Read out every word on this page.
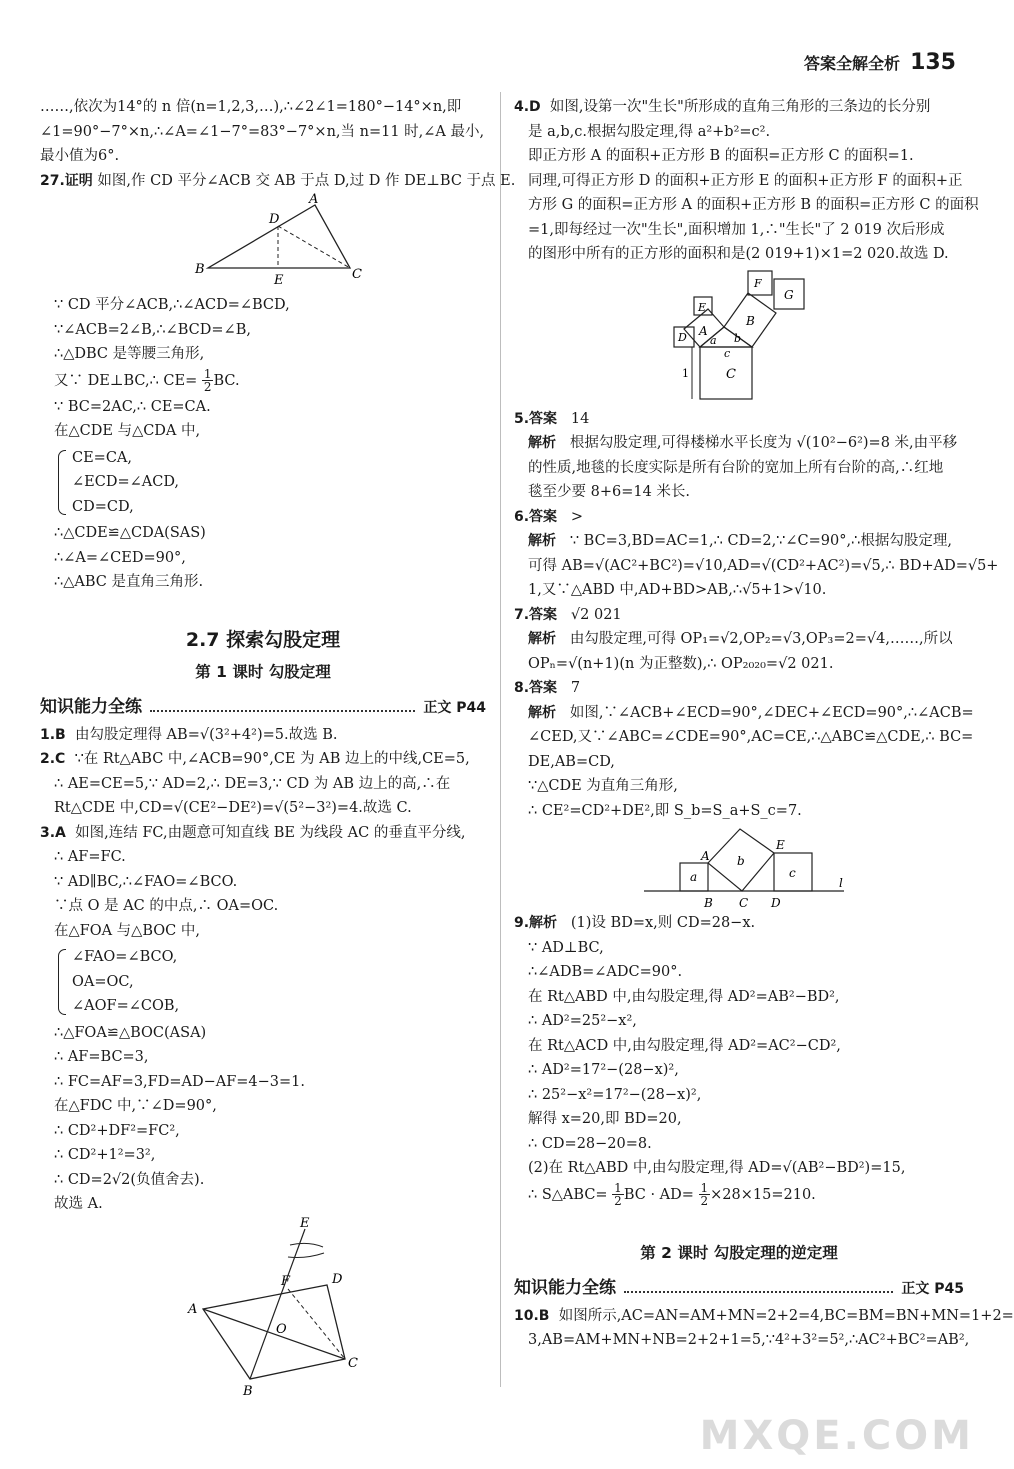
答案全解全析 135
……,依次为14°的 n 倍(n=1,2,3,…),∴∠2∠1=180°−14°×n,即
∠1=90°−7°×n,∴∠A=∠1−7°=83°−7°×n,当 n=11 时,∠A 最小,
最小值为6°.
27.证明 如图,作 CD 平分∠ACB 交 AB 于点 D,过 D 作 DE⊥BC 于点 E.
A
B	C
D
E
∵ CD 平分∠ACB,∴∠ACD=∠BCD,
∵∠ACB=2∠B,∴∠BCD=∠B,
∴△DBC 是等腰三角形,
又∵ DE⊥BC,∴ $CE= \frac{1}{2}$ BC.
∵ BC=2AC,∴ CE=CA.
在△CDE 与△CDA 中,
CE=CA,
∠ECD=∠ACD,
CD=CD,
∴△CDE≌△CDA(SAS)
∴∠A=∠CED=90°,
∴△ABC 是直角三角形.
2.7 探索勾股定理
第 1 课时 勾股定理
知识能力全练	正文 P44
1.B 由勾股定理得 AB=√(3²+4²)=5.故选 B.
2.C ∵在 Rt△ABC 中,∠ACB=90°,CE 为 AB 边上的中线,CE=5,
∴ AE=CE=5,∵ AD=2,∴ DE=3,∵ CD 为 AB 边上的高,∴在
Rt△CDE 中,CD=√(CE²−DE²)=√(5²−3²)=4.故选 C.
3.A 如图,连结 FC,由题意可知直线 BE 为线段 AC 的垂直平分线,
∴ AF=FC.
∵ AD∥BC,∴∠FAO=∠BCO.
∵点 O 是 AC 的中点,∴ OA=OC.
在△FOA 与△BOC 中,
∠FAO=∠BCO,
OA=OC,
∠AOF=∠COB,
∴△FOA≌△BOC(ASA)
∴ AF=BC=3,
∴ FC=AF=3,FD=AD−AF=4−3=1.
在△FDC 中,∵∠D=90°,
∴ CD²+DF²=FC²,
∴ CD²+1²=3²,
∴ CD=2√2(负值舍去).
故选 A.
A
B
C
D
E
F
O
4.D 如图,设第一次"生长"所形成的直角三角形的三条边的长分别
是 a,b,c.根据勾股定理,得 a²+b²=c².
即正方形 A 的面积+正方形 B 的面积=正方形 C 的面积=1.
同理,可得正方形 D 的面积+正方形 E 的面积+正方形 F 的面积+正
方形 G 的面积=正方形 A 的面积+正方形 B 的面积=正方形 C 的面积
=1,即每经过一次"生长",面积增加 1,∴"生长"了 2 019 次后形成
的图形中所有的正方形的面积和是(2 019+1)×1=2 020.故选 D.
C
A
B
D
E
F
G
a b
c
1
5.答案 14
解析 根据勾股定理,可得楼梯水平长度为 √(10²−6²)=8 米,由平移
的性质,地毯的长度实际是所有台阶的宽加上所有台阶的高,∴红地
毯至少要 8+6=14 米长.
6.答案 >
解析 ∵ BC=3,BD=AC=1,∴ CD=2,∵∠C=90°,∴根据勾股定理,
可得 AB=√(AC²+BC²)=√10,AD=√(CD²+AC²)=√5,∴ BD+AD=√5+
1,又∵△ABD 中,AD+BD>AB,∴√5+1>√10.
7.答案 √2 021
解析 由勾股定理,可得 OP₁=√2,OP₂=√3,OP₃=2=√4,……,所以
OPₙ=√(n+1)(n 为正整数),∴ OP₂₀₂₀=√2 021.
8.答案 7
解析 如图,∵∠ACB+∠ECD=90°,∠DEC+∠ECD=90°,∴∠ACB=
∠CED,又∵∠ABC=∠CDE=90°,AC=CE,∴△ABC≌△CDE,∴ BC=
DE,AB=CD,
∵△CDE 为直角三角形,
∴ CE²=CD²+DE²,即 S_b=S_a+S_c=7.
A
B C D
E
a
b
c
l
9.解析 (1)设 BD=x,则 CD=28−x.
∵ AD⊥BC,
∴∠ADB=∠ADC=90°.
在 Rt△ABD 中,由勾股定理,得 AD²=AB²−BD²,
∴ AD²=25²−x²,
在 Rt△ACD 中,由勾股定理,得 AD²=AC²−CD²,
∴ AD²=17²−(28−x)²,
∴ 25²−x²=17²−(28−x)²,
解得 x=20,即 BD=20,
∴ CD=28−20=8.
(2)在 Rt△ABD 中,由勾股定理,得 AD=√(AB²−BD²)=15,
∴ S△ABC= $\frac{1}{2}$ BC · $AD= \frac{1}{2} \times 28\times 15=210$.
第 2 课时 勾股定理的逆定理
知识能力全练	正文 P45
10.B 如图所示,AC=AN=AM+MN=2+2=4,BC=BM=BN+MN=1+2=
3,AB=AM+MN+NB=2+2+1=5,∵4²+3²=5²,∴AC²+BC²=AB²,
MXQE.COM
